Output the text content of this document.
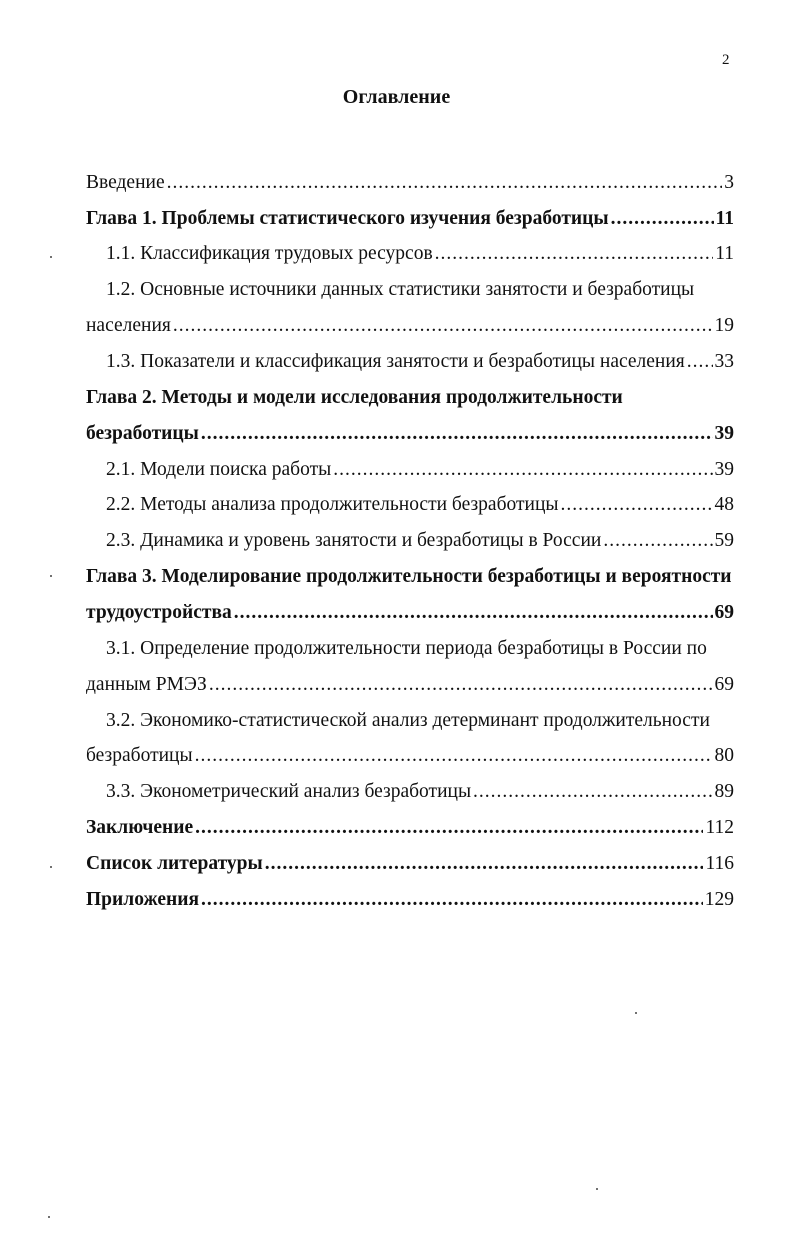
2
Оглавление
Введение .....	3
Глава 1. Проблемы статистического изучения безработицы .....	11
1.1. Классификация трудовых ресурсов .....	11
1.2. Основные источники данных статистики занятости и безработицы
населения .....	19
1.3. Показатели и классификация занятости и безработицы населения ..... 33
Глава 2. Методы и модели исследования продолжительности
безработицы .....	39
2.1. Модели поиска работы .....	39
2.2. Методы анализа продолжительности безработицы .....	48
2.3. Динамика и уровень занятости и безработицы в России .....	59
Глава 3. Моделирование продолжительности безработицы и вероятности
трудоустройства .....	69
3.1. Определение продолжительности периода безработицы в России по
данным РМЭЗ .....	69
3.2. Экономико-статистической анализ детерминант продолжительности
безработицы .....	80
3.3. Эконометрический анализ безработицы .....	89
Заключение .....	112
Список литературы .....	116
Приложения .....	129
